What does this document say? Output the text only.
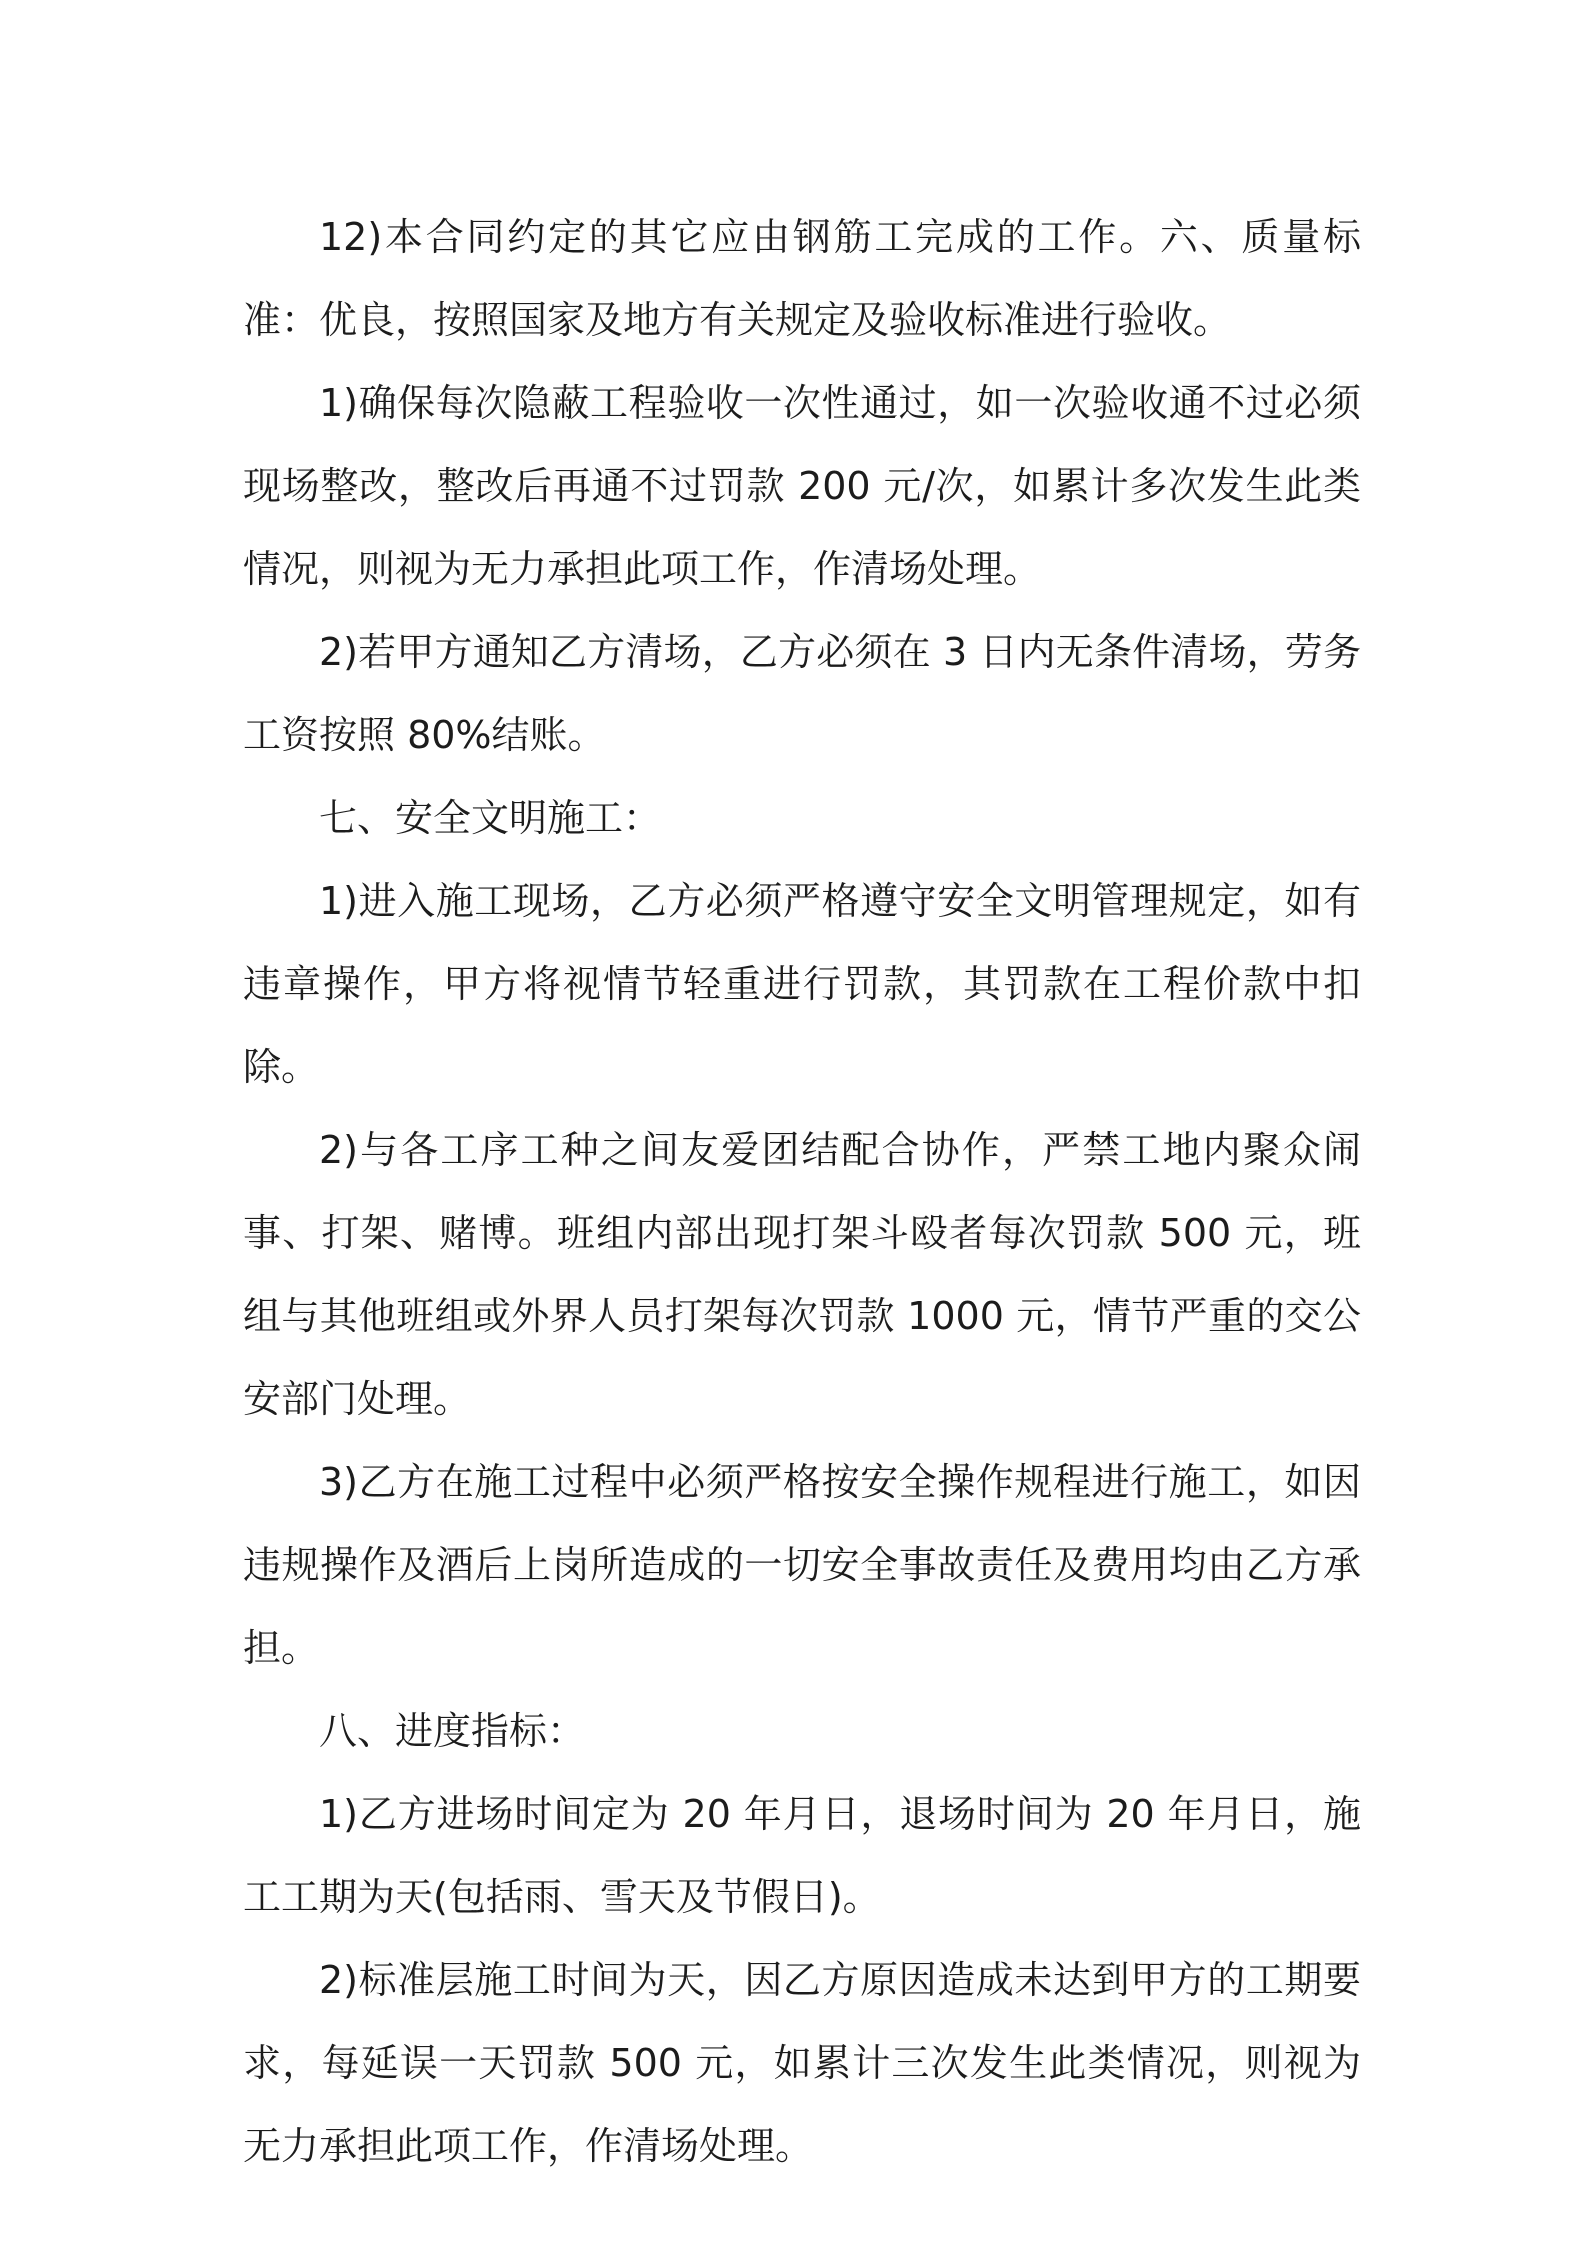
12)本合同约定的其它应由钢筋工完成的工作。六、质量标准：优良，按照国家及地方有关规定及验收标准进行验收。

1)确保每次隐蔽工程验收一次性通过，如一次验收通不过必须现场整改，整改后再通不过罚款 200 元/次，如累计多次发生此类情况，则视为无力承担此项工作，作清场处理。

2)若甲方通知乙方清场，乙方必须在 3 日内无条件清场，劳务工资按照 80%结账。

七、安全文明施工：

1)进入施工现场，乙方必须严格遵守安全文明管理规定，如有违章操作，甲方将视情节轻重进行罚款，其罚款在工程价款中扣除。

2)与各工序工种之间友爱团结配合协作，严禁工地内聚众闹事、打架、赌博。班组内部出现打架斗殴者每次罚款 500 元，班组与其他班组或外界人员打架每次罚款 1000 元，情节严重的交公安部门处理。

3)乙方在施工过程中必须严格按安全操作规程进行施工，如因违规操作及酒后上岗所造成的一切安全事故责任及费用均由乙方承担。

八、进度指标：

1)乙方进场时间定为 20 年月日，退场时间为 20 年月日，施工工期为天(包括雨、雪天及节假日)。

2)标准层施工时间为天，因乙方原因造成未达到甲方的工期要求，每延误一天罚款 500 元，如累计三次发生此类情况，则视为无力承担此项工作，作清场处理。
